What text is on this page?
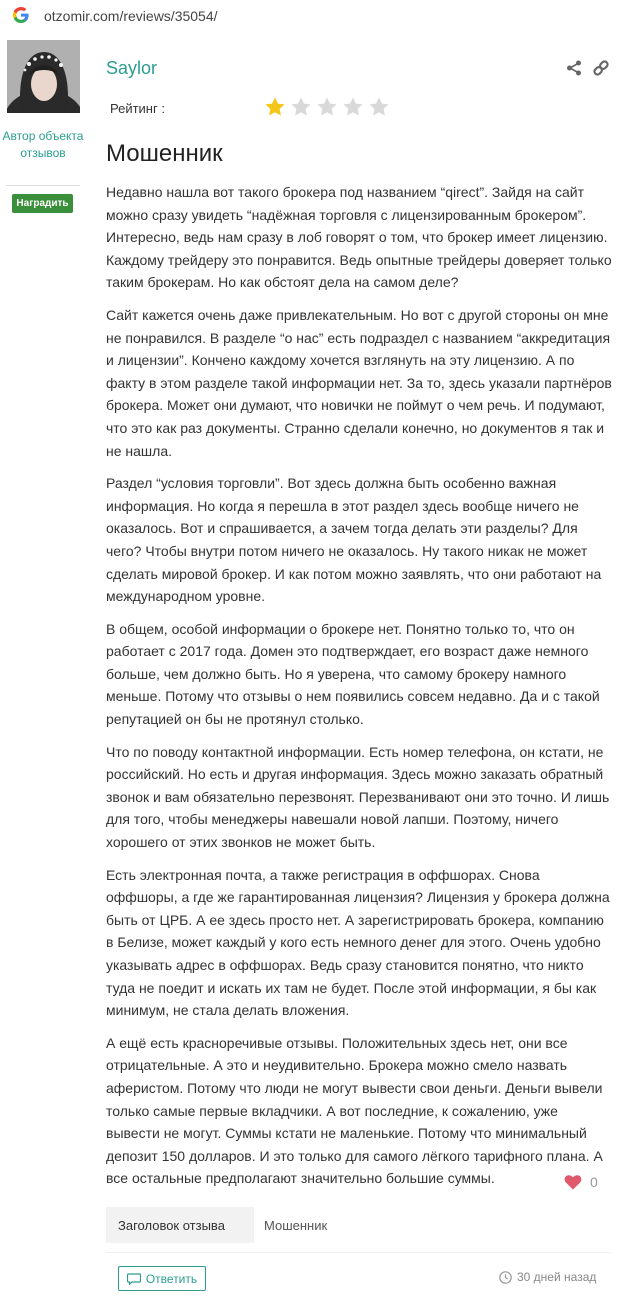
otzomir.com/reviews/35054/
Автор объекта отзывов
Наградить
Saylor
Рейтинг :
Мошенник

Недавно нашла вот такого брокера под названием “qirect”. Зайдя на сайт можно сразу увидеть “надёжная торговля с лицензированным брокером”. Интересно, ведь нам сразу в лоб говорят о том, что брокер имеет лицензию. Каждому трейдеру это понравится. Ведь опытные трейдеры доверяет только таким брокерам. Но как обстоят дела на самом деле?

Сайт кажется очень даже привлекательным. Но вот с другой стороны он мне не понравился. В разделе “о нас” есть подраздел с названием “аккредитация и лицензии”. Кончено каждому хочется взглянуть на эту лицензию. А по факту в этом разделе такой информации нет. За то, здесь указали партнёров брокера. Может они думают, что новички не поймут о чем речь. И подумают, что это как раз документы. Странно сделали конечно, но документов я так и не нашла.

Раздел “условия торговли”. Вот здесь должна быть особенно важная информация. Но когда я перешла в этот раздел здесь вообще ничего не оказалось. Вот и спрашивается, а зачем тогда делать эти разделы? Для чего? Чтобы внутри потом ничего не оказалось. Ну такого никак не может сделать мировой брокер. И как потом можно заявлять, что они работают на международном уровне.

В общем, особой информации о брокере нет. Понятно только то, что он работает с 2017 года. Домен это подтверждает, его возраст даже немного больше, чем должно быть. Но я уверена, что самому брокеру намного меньше. Потому что отзывы о нем появились совсем недавно. Да и с такой репутацией он бы не протянул столько.

Что по поводу контактной информации. Есть номер телефона, он кстати, не российский. Но есть и другая информация. Здесь можно заказать обратный звонок и вам обязательно перезвонят. Перезванивают они это точно. И лишь для того, чтобы менеджеры навешали новой лапши. Поэтому, ничего хорошего от этих звонков не может быть.

Есть электронная почта, а также регистрация в оффшорах. Снова оффшоры, а где же гарантированная лицензия? Лицензия у брокера должна быть от ЦРБ. А ее здесь просто нет. А зарегистрировать брокера, компанию в Белизе, может каждый у кого есть немного денег для этого. Очень удобно указывать адрес в оффшорах. Ведь сразу становится понятно, что никто туда не поедит и искать их там не будет. После этой информации, я бы как минимум, не стала делать вложения.

А ещё есть красноречивые отзывы. Положительных здесь нет, они все отрицательные. А это и неудивительно. Брокера можно смело назвать аферистом. Потому что люди не могут вывести свои деньги. Деньги вывели только самые первые вкладчики. А вот последние, к сожалению, уже вывести не могут. Суммы кстати не маленькие. Потому что минимальный депозит 150 долларов. И это только для самого лёгкого тарифного плана. А все остальные предполагают значительно большие суммы.	0
Заголовок отзыва	Мошенник
Ответить	30 дней назад
